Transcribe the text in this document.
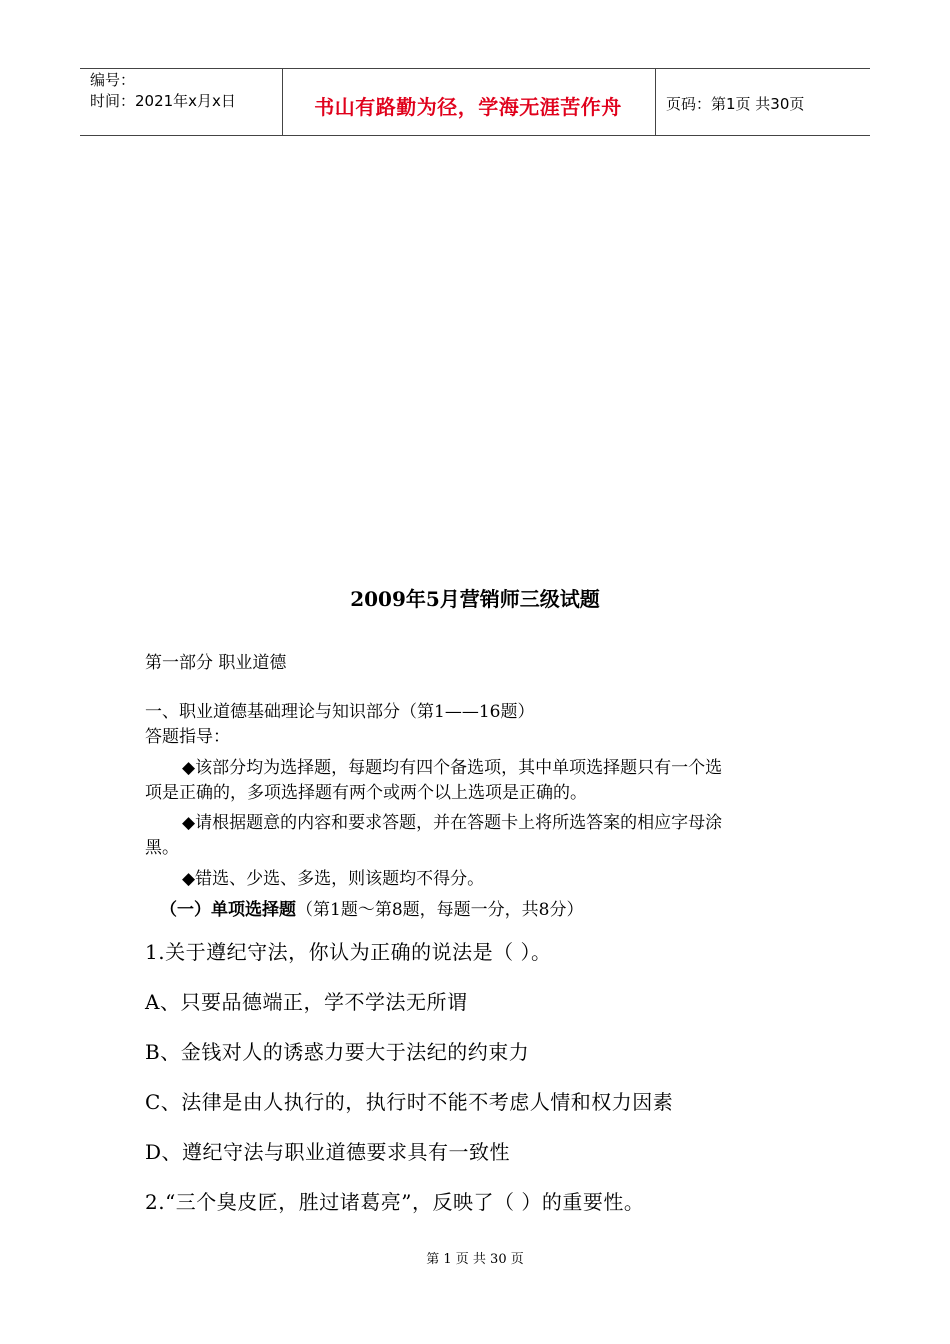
编号：
时间：2021年x月x日	书山有路勤为径，学海无涯苦作舟	页码：第1页 共30页
2009年5月营销师三级试题
第一部分 职业道德
一、职业道德基础理论与知识部分（第1——16题）
答题指导：
◆该部分均为选择题，每题均有四个备选项，其中单项选择题只有一个选
项是正确的，多项选择题有两个或两个以上选项是正确的。
◆请根据题意的内容和要求答题，并在答题卡上将所选答案的相应字母涂
黑。
◆错选、少选、多选，则该题均不得分。
（一）单项选择题（第1题～第8题，每题一分，共8分）
1.关于遵纪守法，你认为正确的说法是（ ）。
A、只要品德端正，学不学法无所谓
B、金钱对人的诱惑力要大于法纪的约束力
C、法律是由人执行的，执行时不能不考虑人情和权力因素
D、遵纪守法与职业道德要求具有一致性
2.“三个臭皮匠，胜过诸葛亮”，反映了（ ）的重要性。
第 1 页 共 30 页
